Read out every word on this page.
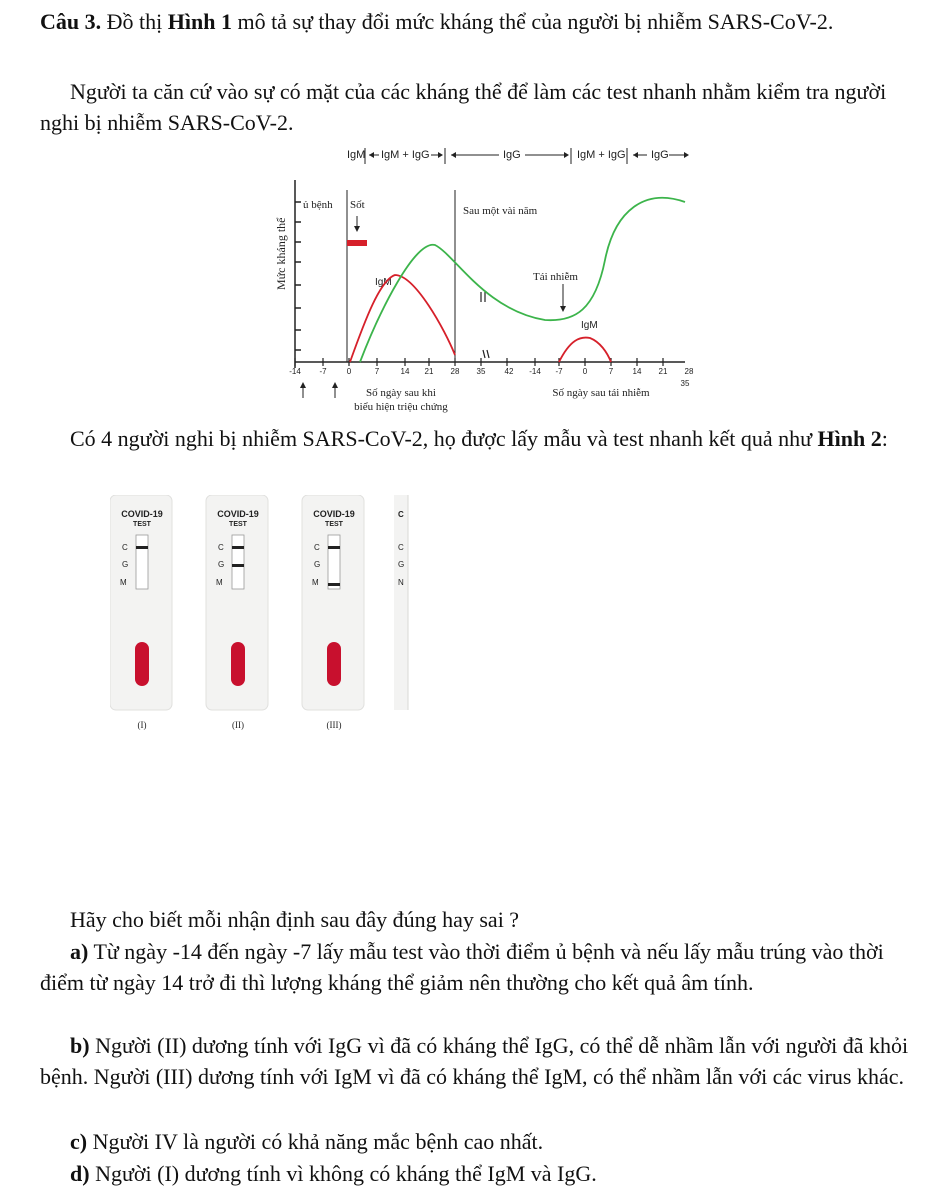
Câu 3. Đồ thị Hình 1 mô tả sự thay đổi mức kháng thể của người bị nhiễm SARS-CoV-2.

Người ta căn cứ vào sự có mặt của các kháng thể để làm các test nhanh nhằm kiểm tra người nghi bị nhiễm SARS-CoV-2.

IgM IgM + IgG	IgG	IgM + IgG IgG
Mức kháng thể
-14 -7	0	7	14 21 28 35 42 -14 -7	0	7 14 21 28
35
ủ bệnh Sốt	Sau một vài năm
Tái nhiễm
IgM
IgM
Số ngày sau khi
biểu hiện triệu chứng
Số ngày sau tái nhiễm

Có 4 người nghi bị nhiễm SARS-CoV-2, họ được lấy mẫu và test nhanh kết quả như Hình 2:

COVID-19
TEST
C
G
M
(I)
COVID-19
TEST
C
G
M
(II)
COVID-19
TEST
C
G
M
(III)
C
C
G
N

Hãy cho biết mỗi nhận định sau đây đúng hay sai ?

a) Từ ngày -14 đến ngày -7 lấy mẫu test vào thời điểm ủ bệnh và nếu lấy mẫu trúng vào thời điểm từ ngày 14 trở đi thì lượng kháng thể giảm nên thường cho kết quả âm tính.

b) Người (II) dương tính với IgG vì đã có kháng thể IgG, có thể dễ nhầm lẫn với người đã khỏi bệnh. Người (III) dương tính với IgM vì đã có kháng thể IgM, có thể nhầm lẫn với các virus khác.

c) Người IV là người có khả năng mắc bệnh cao nhất.

d) Người (I) dương tính vì không có kháng thể IgM và IgG.
